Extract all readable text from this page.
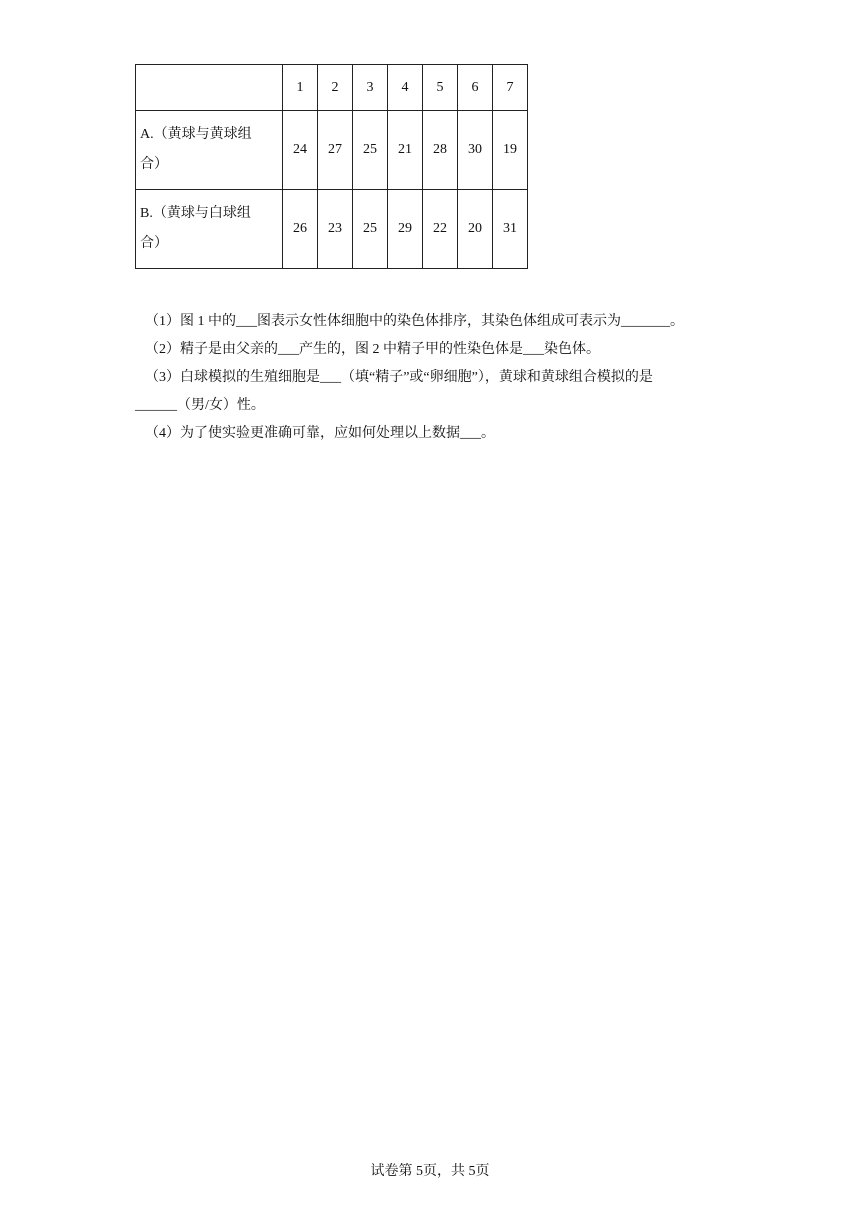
	1	2	3	4	5	6	7

A.（黄球与黄球组
合）	24	27	25	21	28	30	19

B.（黄球与白球组
合）	26	23	25	29	22	20	31

（1）图 1 中的___图表示女性体细胞中的染色体排序，其染色体组成可表示为_______。

（2）精子是由父亲的___产生的，图 2 中精子甲的性染色体是___染色体。

（3）白球模拟的生殖细胞是___（填“精子”或“卵细胞”），黄球和黄球组合模拟的是

______（男/女）性。

（4）为了使实验更准确可靠，应如何处理以上数据___。

试卷第 5页，共 5页
